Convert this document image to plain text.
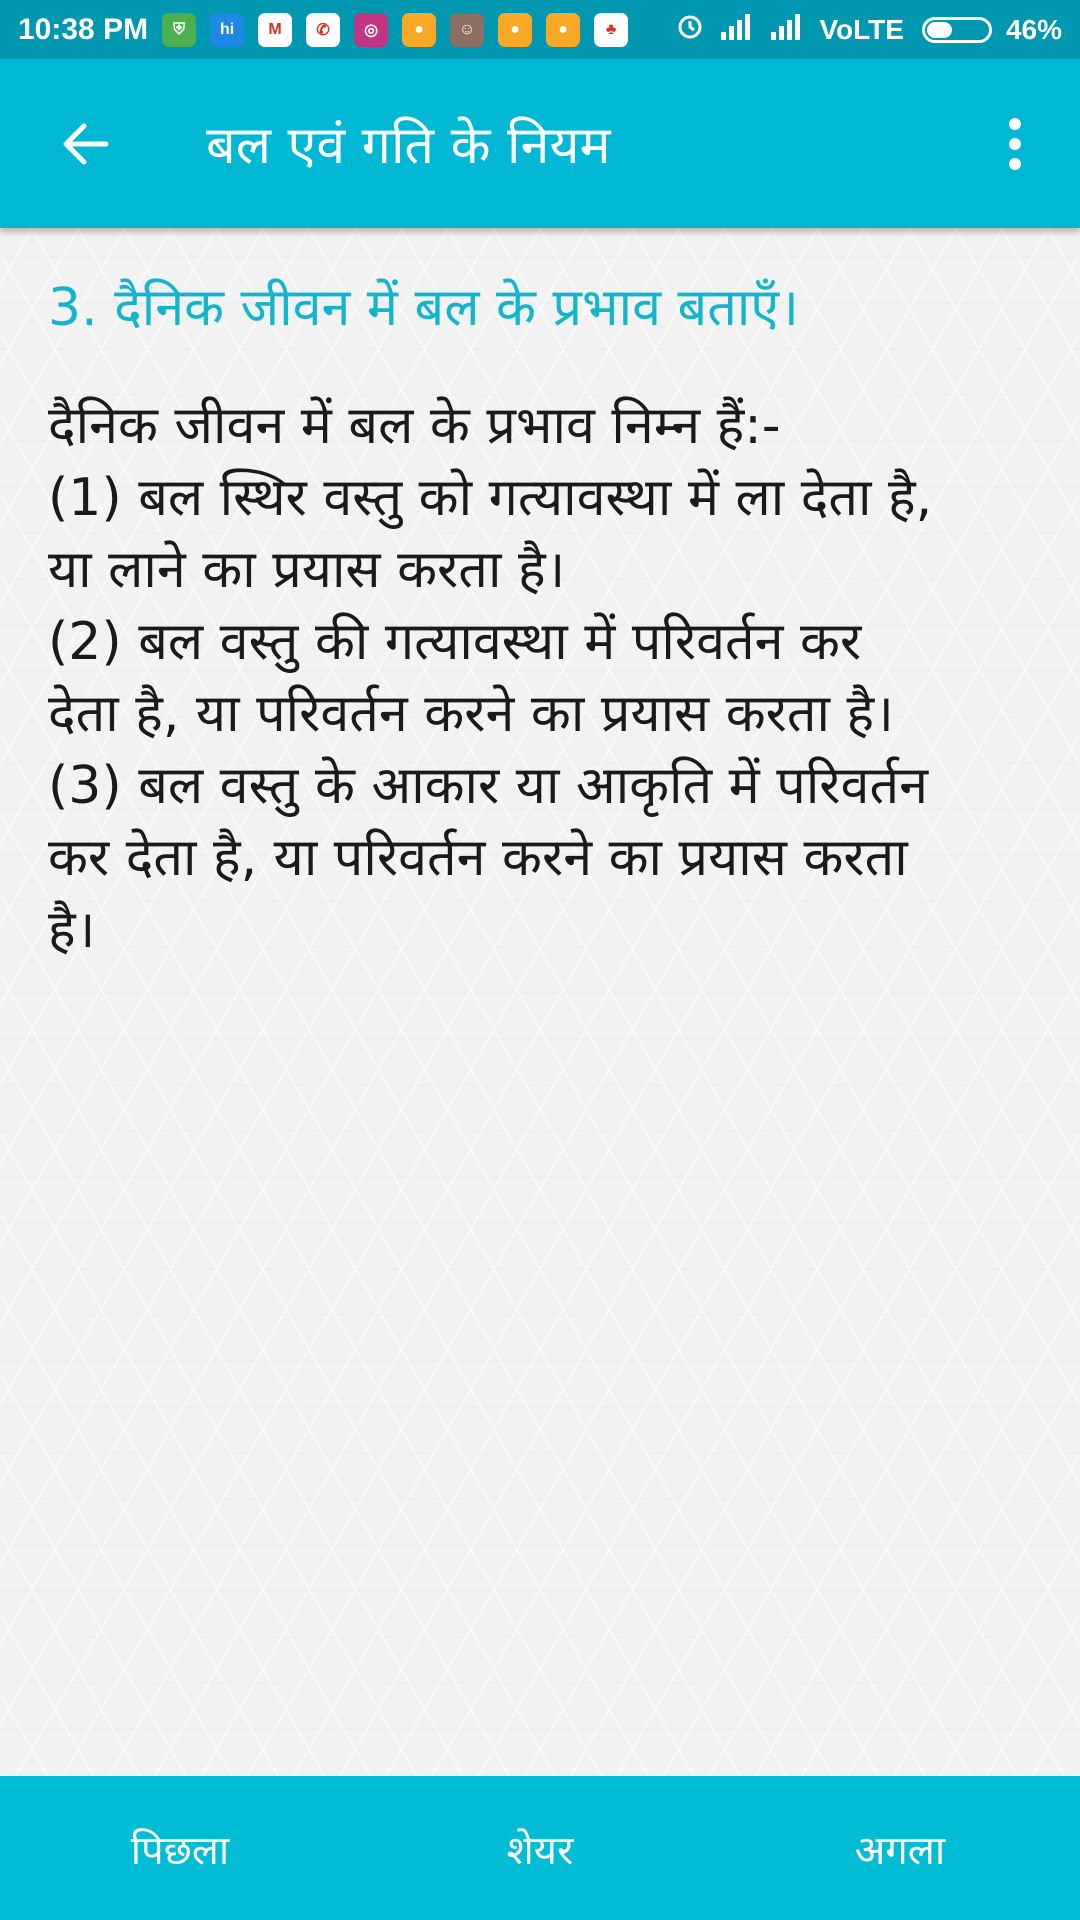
10:38 PM	⛨	hi	M	✆	◎	●	☺	●	●	♣	VoLTE	46%
बल एवं गति के नियम
3. दैनिक जीवन में बल के प्रभाव बताएँ।
दैनिक जीवन में बल के प्रभाव निम्न हैं:-
(1) बल स्थिर वस्तु को गत्यावस्था में ला देता है,
या लाने का प्रयास करता है।
(2) बल वस्तु की गत्यावस्था में परिवर्तन कर
देता है, या परिवर्तन करने का प्रयास करता है।
(3) बल वस्तु के आकार या आकृति में परिवर्तन
कर देता है, या परिवर्तन करने का प्रयास करता
है।
पिछला	शेयर	अगला
